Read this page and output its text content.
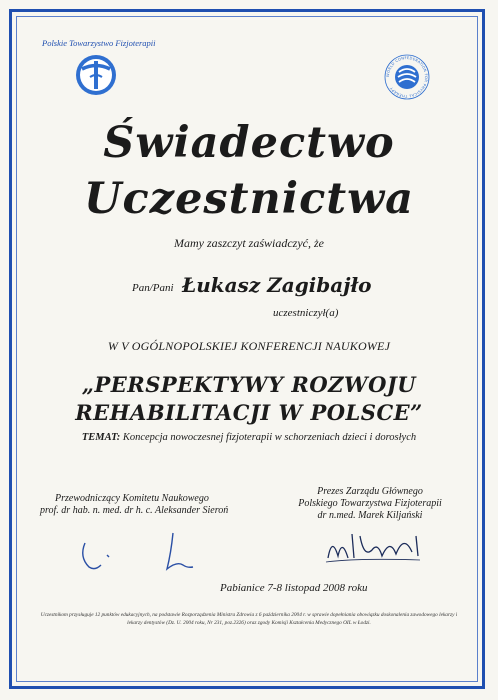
Polskie Towarzystwo Fizjoterapii
WORLD CONFEDERATION FOR PHYSICAL THERAPY
Świadectwo
Uczestnictwa
Mamy zaszczyt zaświadczyć, że
Pan/Pani Łukasz Zagibajło
uczestniczył(a)
W V OGÓLNOPOLSKIEJ KONFERENCJI NAUKOWEJ
„PERSPEKTYWY ROZWOJU
REHABILITACJI W POLSCE”
TEMAT: Koncepcja nowoczesnej fizjoterapii w schorzeniach dzieci i dorosłych
Przewodniczący Komitetu Naukowego
prof. dr hab. n. med. dr h. c. Aleksander Sieroń
Prezes Zarządu Głównego
Polskiego Towarzystwa Fizjoterapii
dr n.med. Marek Kiljański
Pabianice 7-8 listopad 2008 roku
Uczestnikom przysługuje 12 punktów edukacyjnych, na podstawie Rozporządzenia Ministra Zdrowia z 6 października 2004 r. w sprawie dopełniania obowiązku doskonalenia zawodowego lekarzy i lekarzy dentystów (Dz. U. 2004 roku, Nr 231, poz.2326) oraz zgody Komisji Kształcenia Medycznego OIL w Łodzi.
